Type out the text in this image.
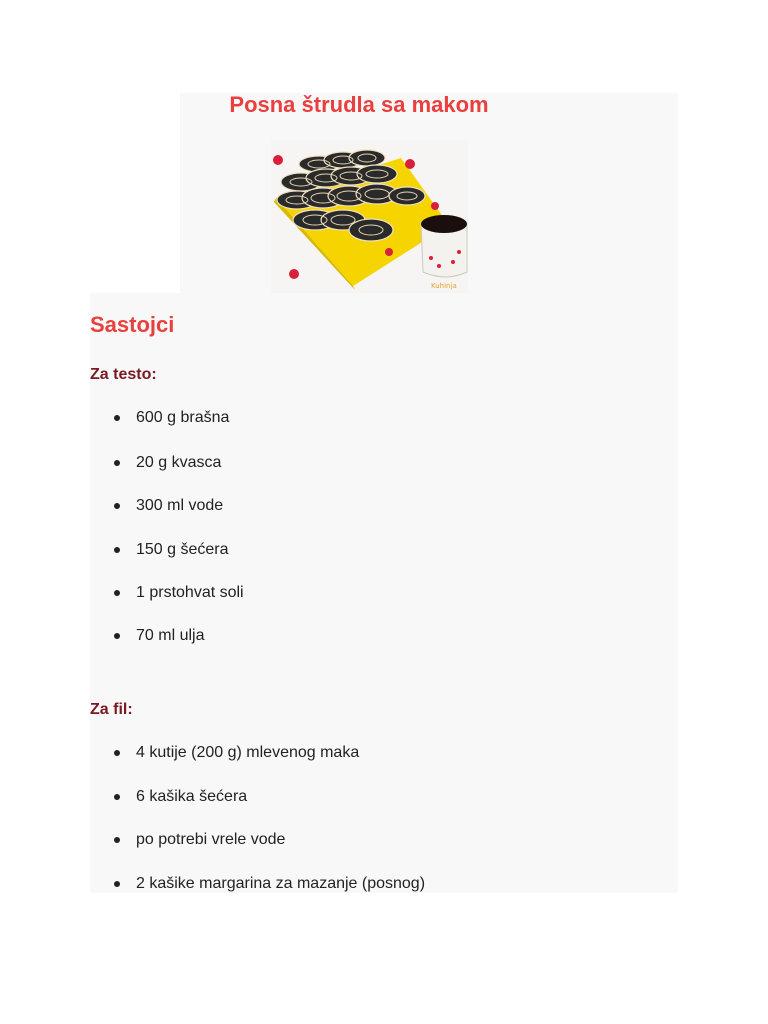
Posna štrudla sa makom
Kuhinja
Sastojci
Za testo:
600 g brašna
20 g kvasca
300 ml vode
150 g šećera
1 prstohvat soli
70 ml ulja
Za fil:
4 kutije (200 g) mlevenog maka
6 kašika šećera
po potrebi vrele vode
2 kašike margarina za mazanje (posnog)
